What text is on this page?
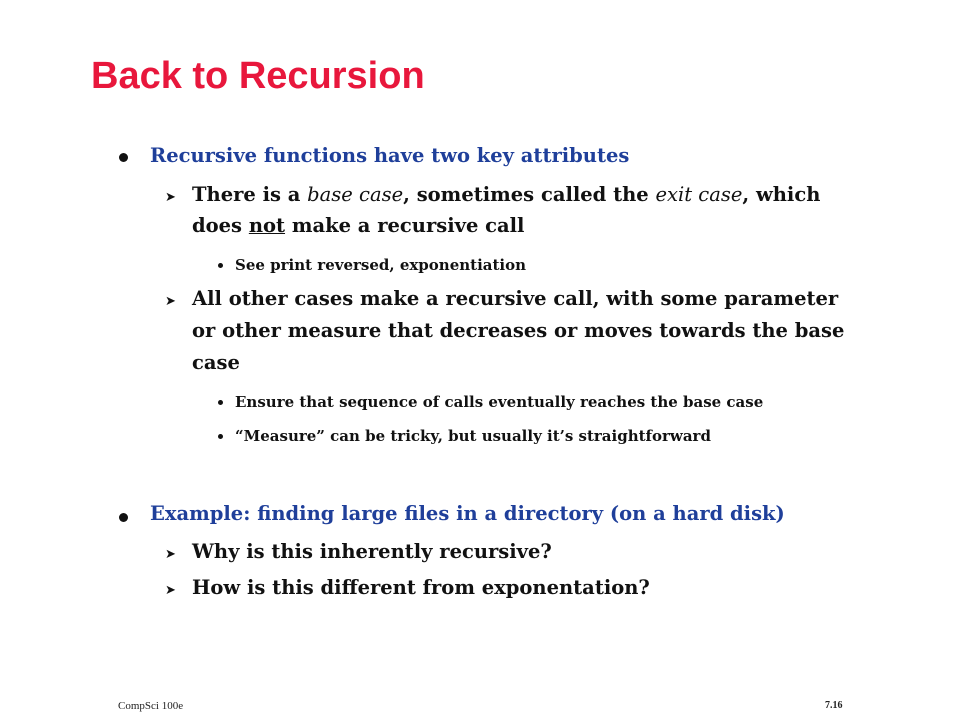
Back to Recursion

Recursive functions have two key attributes

➤ There is a base case, sometimes called the exit case, which

does not make a recursive call

See print reversed, exponentiation

➤ All other cases make a recursive call, with some parameter

or other measure that decreases or moves towards the base

case

Ensure that sequence of calls eventually reaches the base case

“Measure” can be tricky, but usually it’s straightforward

Example: finding large files in a directory (on a hard disk)

➤ Why is this inherently recursive?

➤ How is this different from exponentation?

CompSci 100e	7.16
